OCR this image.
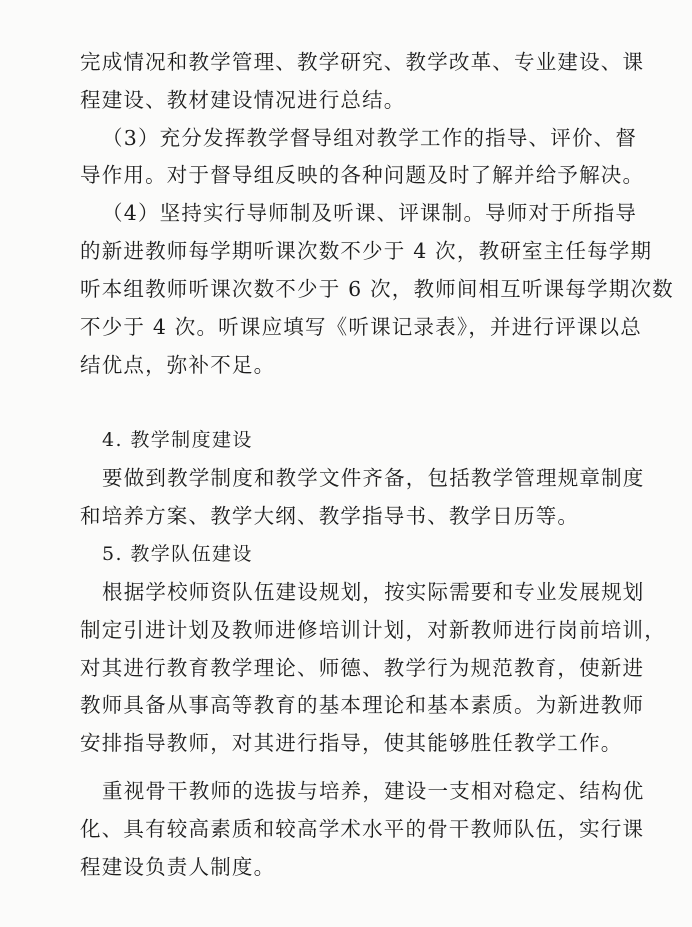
完成情况和教学管理、教学研究、教学改革、专业建设、课
程建设、教材建设情况进行总结。
（3）充分发挥教学督导组对教学工作的指导、评价、督
导作用。对于督导组反映的各种问题及时了解并给予解决。
（4）坚持实行导师制及听课、评课制。导师对于所指导
的新进教师每学期听课次数不少于 4 次，教研室主任每学期
听本组教师听课次数不少于 6 次，教师间相互听课每学期次数
不少于 4 次。听课应填写《听课记录表》，并进行评课以总
结优点，弥补不足。
4. 教学制度建设
要做到教学制度和教学文件齐备，包括教学管理规章制度
和培养方案、教学大纲、教学指导书、教学日历等。
5. 教学队伍建设
根据学校师资队伍建设规划，按实际需要和专业发展规划
制定引进计划及教师进修培训计划，对新教师进行岗前培训，
对其进行教育教学理论、师德、教学行为规范教育，使新进
教师具备从事高等教育的基本理论和基本素质。为新进教师
安排指导教师，对其进行指导，使其能够胜任教学工作。
重视骨干教师的选拔与培养，建设一支相对稳定、结构优
化、具有较高素质和较高学术水平的骨干教师队伍，实行课
程建设负责人制度。
